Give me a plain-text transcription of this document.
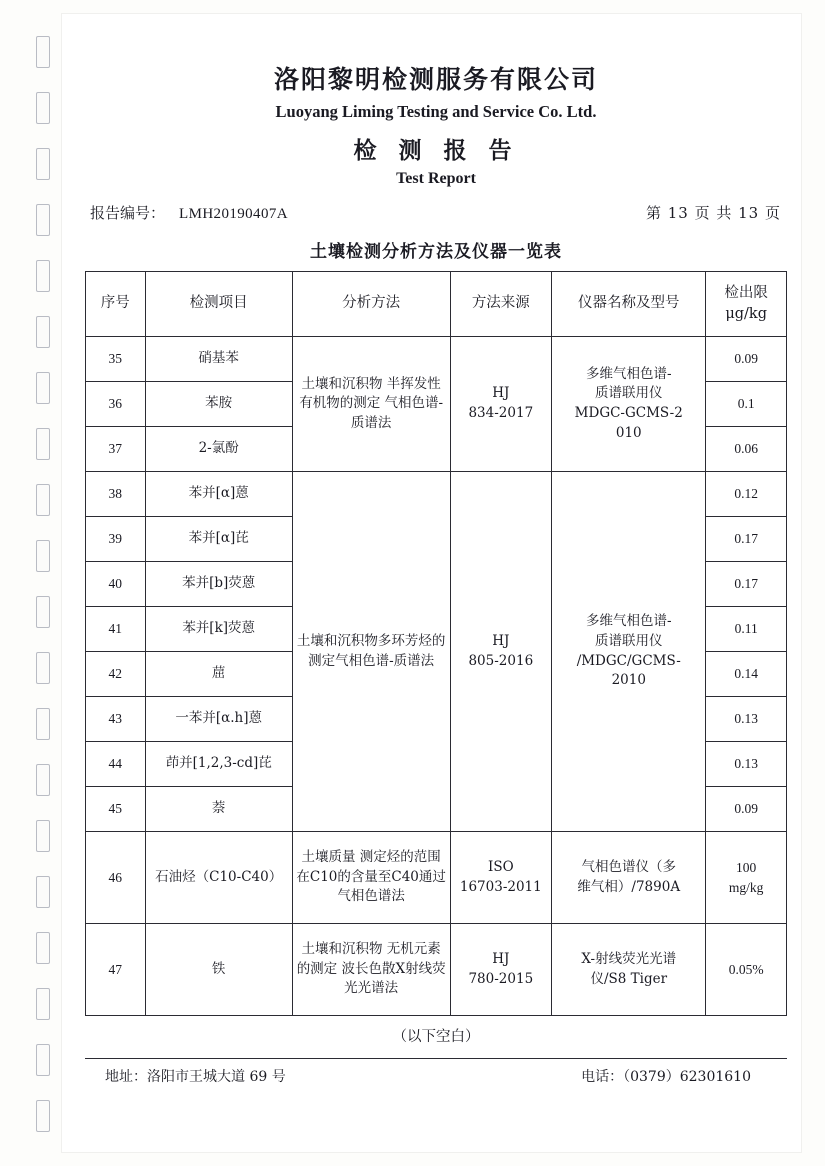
洛阳黎明检测服务有限公司
Luoyang Liming Testing and Service Co. Ltd.
检 测 报 告
Test Report
报告编号： LMH20190407A	第 13 页 共 13 页
土壤检测分析方法及仪器一览表
序号	检测项目	分析方法	方法来源	仪器名称及型号	检出限
μg/kg

35	硝基苯	土壤和沉积物 半挥发性有机物的测定 气相色谱-质谱法	HJ
834-2017	多维气相色谱-
质谱联用仪
MDGC-GCMS-2
010	0.09
36	苯胺				0.1
37	2-氯酚				0.06
38	苯并[α]蒽	土壤和沉积物多环芳烃的测定气相色谱-质谱法	HJ
805-2016	多维气相色谱-
质谱联用仪
/MDGC/GCMS-
2010	0.12
39	苯并[α]芘				0.17
40	苯并[b]荧蒽				0.17
41	苯并[k]荧蒽				0.11
42	䓛				0.14
43	一苯并[α.h]蒽				0.13
44	茚并[1,2,3-cd]芘				0.13
45	萘				0.09
46	石油烃（C10-C40）	土壤质量 测定烃的范围在C10的含量至C40通过气相色谱法	ISO
16703-2011	气相色谱仪（多
维气相）/7890A	100
mg/kg

47	铁	土壤和沉积物 无机元素的测定 波长色散X射线荧光光谱法	HJ
780-2015	X-射线荧光光谱
仪/S8 Tiger	0.05%
（以下空白）
地址：洛阳市王城大道 69 号	电话：（0379）62301610
